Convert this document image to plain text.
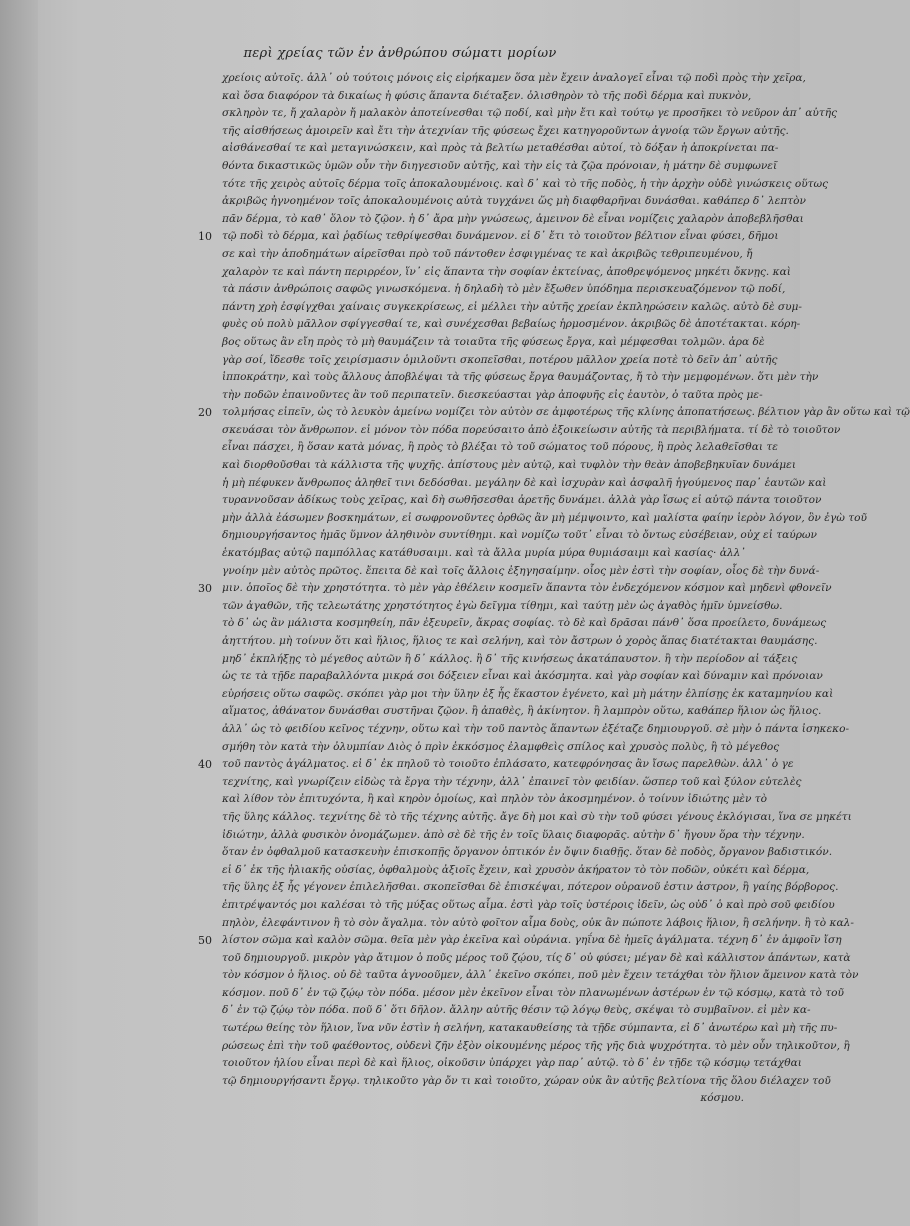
περὶ χρείας τῶν ἐν ἀνθρώπου σώματι μορίων
χρείοις αὐτοῖς. ἀλλ᾽ οὐ τούτοις μόνοις εἰς εἰρήκαμεν ὅσα μὲν ἔχειν ἀναλογεῖ εἶναι τῷ ποδὶ πρὸς τὴν χεῖρα,
καὶ ὅσα διαφόρον τὰ δικαίως ἡ φύσις ἅπαντα διέταξεν. ὀλισθηρὸν τὸ τῆς ποδὶ δέρμα καὶ πυκνὸν,
σκληρὸν τε, ἤ χαλαρὸν ἤ μαλακὸν ἀποτείνεσθαι τῷ ποδί, καὶ μὴν ἔτι καὶ τούτῳ γε προσῆκει τὸ νεῦρον ἀπ᾽ αὐτῆς
τῆς αἰσθήσεως ἀμοιρεῖν καὶ ἔτι τὴν ἀτεχνίαν τῆς φύσεως ἔχει κατηγοροῦντων ἀγνοίᾳ τῶν ἔργων αὐτῆς.
αἰσθάνεσθαί τε καὶ μεταγινώσκειν, καὶ πρὸς τὰ βελτίω μεταθέσθαι αὐτοί, τὸ δόξαν ἡ ἀποκρίνεται πα-
θόντα δικαστικῶς ὑμῶν οὖν τὴν διηγεσιοῦν αὐτῆς, καὶ τὴν εἰς τὰ ζῷα πρόνοιαν, ἡ μάτην δὲ συμφωνεῖ
τότε τῆς χειρὸς αὐτοῖς δέρμα τοῖς ἀποκαλουμένοις. καὶ δ᾽ καὶ τὸ τῆς ποδὸς, ἡ τὴν ἀρχὴν οὐδὲ γινώσκεις οὕτως
ἀκριβῶς ἠγνοημένον τοῖς ἀποκαλουμένοις αὐτὰ τυγχάνει ὥς μὴ διαφθαρῆναι δυνάσθαι. καθάπερ δ᾽ λεπτὸν
πᾶν δέρμα, τὸ καθ᾽ ὅλον τὸ ζῷον. ἡ δ᾽ ἄρα μὴν γνώσεως, ἀμεινον δὲ εἶναι νομίζεις χαλαρὸν ἀποβεβλῆσθαι
τῷ ποδὶ τὸ δέρμα, καὶ ῥᾳδίως τεθρίψεσθαι δυνάμενον. εἰ δ᾽ ἔτι τὸ τοιοῦτον βέλτιον εἶναι φύσει, δῆμοι
σε καὶ τὴν ἀποδημάτων αἱρεῖσθαι πρὸ τοῦ πάντοθεν ἐσφιγμένας τε καὶ ἀκριβῶς τεθριπευμένου, ἤ
χαλαρὸν τε καὶ πάντη περιρρέον, ἵν᾽ εἰς ἅπαντα τὴν σοφίαν ἐκτείνας, ἀποθρεψόμενος μηκέτι ὄκνῃς. καὶ
τὰ πάσιν ἀνθρώποις σαφῶς γινωσκόμενα. ἡ δηλαδὴ τὸ μὲν ἔξωθεν ὑπόδημα περισκευαζόμενον τῷ ποδί,
πάντη χρὴ ἐσφίγχθαι χαίναις συγκεκρίσεως, εἰ μέλλει τὴν αὐτῆς χρείαν ἐκπληρώσειν καλῶς. αὐτὸ δὲ συμ-
φυὲς οὐ πολὺ μᾶλλον σφίγγεσθαί τε, καὶ συνέχεσθαι βεβαίως ἡρμοσμένον. ἀκριβῶς δὲ ἀποτέτακται. κόρη-
βος οὕτως ἂν εἴη πρὸς τὸ μὴ θαυμάζειν τὰ τοιαῦτα τῆς φύσεως ἔργα, καὶ μέμφεσθαι τολμῶν. ἀρα δὲ
γὰρ σοί, ἴδεσθε τοῖς χειρίσμασιν ὁμιλοῦντι σκοπεῖσθαι, ποτέρου μᾶλλον χρεία ποτὲ τὸ δεῖν ἀπ᾽ αὐτῆς
ἱπποκράτην, καὶ τοὺς ἄλλους ἀποβλέψαι τὰ τῆς φύσεως ἔργα θαυμάζοντας, ἤ τὸ τὴν μεμφομένων. ὅτι μὲν τὴν
τὴν ποδῶν ἐπαινοῦντες ἂν τοῦ περιπατεῖν. διεσκεύασται γὰρ ἀποφυῆς εἰς ἑαυτὸν, ὁ ταῦτα πρὸς με-
τολμήσας εἰπεῖν, ὡς τὸ λευκὸν ἀμείνω νομίζει τὸν αὐτὸν σε ἀμφοτέρως τῆς κλίνης ἀποπατήσεως. βέλτιον γὰρ ἂν οὕτω καὶ τῷ
σκευάσαι τὸν ἄνθρωπον. εἰ μόνον τὸν πόδα πορεύσαιτο ἀπὸ ἐξοικείωσιν αὐτῆς τὰ περιβλήματα. τί δὲ τὸ τοιοῦτον
εἶναι πάσχει, ἢ ὅσαν κατὰ μόνας, ἢ πρὸς τὸ βλέξαι τὸ τοῦ σώματος τοῦ πόρους, ἢ πρὸς λελαθεῖσθαι τε
καὶ διορθοῦσθαι τὰ κάλλιστα τῆς ψυχῆς. ἀπίστους μὲν αὐτῷ, καὶ τυφλὸν τὴν θεὰν ἀποβεβηκυῖαν δυνάμει
ἡ μὴ πέφυκεν ἄνθρωπος ἀληθεῖ τινι δεδόσθαι. μεγάλην δὲ καὶ ἰσχυρὰν καὶ ἀσφαλῆ ἡγούμενος παρ᾽ ἑαυτῶν καὶ
τυραννοῦσαν ἀδίκως τοὺς χεῖρας, καὶ δὴ σωθῆσεσθαι ἀρετῆς δυνάμει. ἀλλὰ γὰρ ἴσως εἰ αὐτῷ πάντα τοιοῦτον
μὴν ἀλλὰ ἐάσωμεν βοσκημάτων, εἰ σωφρονοῦντες ὀρθῶς ἂν μὴ μέμψοιντο, καὶ μαλίστα φαίην ἱερὸν λόγον, ὃν ἐγὼ τοῦ
δημιουργήσαντος ἡμᾶς ὕμνον ἀληθινὸν συντίθημι. καὶ νομίζω τοῦτ᾽ εἶναι τὸ ὄντως εὐσέβειαν, οὐχ εἰ ταύρων
ἑκατόμβας αὐτῷ παμπόλλας κατάθυσαιμι. καὶ τὰ ἄλλα μυρία μύρα θυμιάσαιμι καὶ κασίας· ἀλλ᾽
γνοίην μὲν αὐτὸς πρῶτος. ἔπειτα δὲ καὶ τοῖς ἄλλοις ἐξηγησαίμην. οἷος μὲν ἐστὶ τὴν σοφίαν, οἷος δὲ τὴν δυνά-
μιν. ὁποῖος δὲ τὴν χρηστότητα. τὸ μὲν γὰρ ἐθέλειν κοσμεῖν ἅπαντα τὸν ἐνδεχόμενον κόσμον καὶ μηδενὶ φθονεῖν
τῶν ἀγαθῶν, τῆς τελεωτάτης χρηστότητος ἐγὼ δεῖγμα τίθημι, καὶ ταύτῃ μὲν ὡς ἀγαθὸς ἡμῖν ὑμνείσθω.
τὸ δ᾽ ὡς ἂν μάλιστα κοσμηθείη, πᾶν ἐξευρεῖν, ἄκρας σοφίας. τὸ δὲ καὶ δρᾶσαι πάνθ᾽ ὅσα προείλετο, δυνάμεως
ἀηττήτου. μὴ τοίνυν ὅτι καὶ ἥλιος, ἥλιος τε καὶ σελήνη, καὶ τὸν ἄστρων ὁ χορὸς ἅπας διατέτακται θαυμάσης.
μηδ᾽ ἐκπλήξῃς τὸ μέγεθος αὐτῶν ἢ δ᾽ κάλλος. ἢ δ᾽ τῆς κινήσεως ἀκατάπαυστον. ἢ τὴν περίοδον αἱ τάξεις
ὡς τε τὰ τῇδε παραβαλλόντα μικρά σοι δόξειεν εἶναι καὶ ἀκόσμητα. καὶ γὰρ σοφίαν καὶ δύναμιν καὶ πρόνοιαν
εὑρήσεις οὕτω σαφῶς. σκόπει γὰρ μοι τὴν ὕλην ἐξ ἧς ἕκαστον ἐγένετο, καὶ μὴ μάτην ἐλπίσῃς ἐκ καταμηνίου καὶ
αἵματος, ἀθάνατον δυνάσθαι συστῆναι ζῷον. ἢ ἀπαθὲς, ἢ ἀκίνητον. ἢ λαμπρὸν οὕτω, καθάπερ ἥλιον ὡς ἥλιος.
ἀλλ᾽ ὡς τὸ φειδίου κεῖνος τέχνην, οὕτω καὶ τὴν τοῦ παντὸς ἅπαντων ἐξέταζε δημιουργοῦ. σὲ μὴν ὁ πάντα ἰσηκεκο-
σμήθη τὸν κατὰ τὴν ὀλυμπίαν Διὸς ὁ πρὶν ἐκκόσμος ἐλαμφθεὶς σπίλος καὶ χρυσὸς πολὺς, ἢ τὸ μέγεθος
τοῦ παντὸς ἀγάλματος. εἰ δ᾽ ἐκ πηλοῦ τὸ τοιοῦτο ἐπλάσατο, κατεφρόνησας ἂν ἴσως παρελθὼν. ἀλλ᾽ ὁ γε
τεχνίτης, καὶ γνωρίζειν εἰδὼς τὰ ἔργα τὴν τέχνην, ἀλλ᾽ ἐπαινεῖ τὸν φειδίαν. ὥσπερ τοῦ καὶ ξύλον εὐτελὲς
καὶ λίθον τὸν ἐπιτυχόντα, ἢ καὶ κηρὸν ὁμοίως, καὶ πηλὸν τὸν ἀκοσμημένον. ὁ τοίνυν ἰδιώτης μὲν τὸ
τῆς ὕλης κάλλος. τεχνίτης δὲ τὸ τῆς τέχνης αὐτῆς. ἄγε δὴ μοι καὶ σὺ τὴν τοῦ φύσει γένους ἐκλόγισαι, ἵνα σε μηκέτι
ἰδιώτην, ἀλλὰ φυσικὸν ὀνομάζωμεν. ἀπὸ σὲ δὲ τῆς ἐν τοῖς ὕλαις διαφορᾶς. αὐτὴν δ᾽ ἤγουν ὅρα τὴν τέχνην.
ὅταν ἐν ὀφθαλμοῦ κατασκευὴν ἐπισκοπῇς ὄργανον ὀπτικόν ἐν ὄψιν διαθῇς. ὅταν δὲ ποδὸς, ὄργανον βαδιστικόν.
εἰ δ᾽ ἐκ τῆς ἡλιακῆς οὐσίας, ὀφθαλμοὺς ἀξιοῖς ἔχειν, καὶ χρυσὸν ἀκήρατον τὸ τὸν ποδῶν, οὐκέτι καὶ δέρμα,
τῆς ὕλης ἐξ ἧς γέγονεν ἐπιλελῆσθαι. σκοπεῖσθαι δὲ ἐπισκέψαι, πότερον οὐρανοῦ ἐστιν ἀστρον, ἢ γαίης βόρβορος.
ἐπιτρέψαντός μοι καλέσαι τὸ τῆς μύξας οὕτως αἷμα. ἐστὶ γὰρ τοῖς ὑστέροις ἰδεῖν, ὡς οὐδ᾽ ὁ καὶ πρὸ σοῦ φειδίου
πηλὸν, ἐλεφάντινον ἢ τὸ σὸν ἄγαλμα. τὸν αὐτὸ φοῖτον αἷμα δοὺς, οὐκ ἂν πώποτε λάβοις ἥλιον, ἢ σελήνην. ἢ τὸ καλ-
λίστον σῶμα καὶ καλὸν σῶμα. θεῖα μὲν γὰρ ἐκεῖνα καὶ οὐράνια. γηΐνα δὲ ἡμεῖς ἀγάλματα. τέχνη δ᾽ ἐν ἀμφοῖν ἴση
τοῦ δημιουργοῦ. μικρὸν γὰρ ἄτιμον ὁ ποῦς μέρος τοῦ ζῴου, τίς δ᾽ οὐ φύσει; μέγαν δὲ καὶ κάλλιστον ἁπάντων, κατὰ
τὸν κόσμον ὁ ἥλιος. οὐ δὲ ταῦτα ἀγνοοῦμεν, ἀλλ᾽ ἐκεῖνο σκόπει, ποῦ μὲν ἔχειν τετάχθαι τὸν ἥλιον ἄμεινον κατὰ τὸν
κόσμον. ποῦ δ᾽ ἐν τῷ ζῴῳ τὸν πόδα. μέσον μὲν ἐκεῖνον εἶναι τὸν πλανωμένων ἀστέρων ἐν τῷ κόσμῳ, κατὰ τὸ τοῦ
δ᾽ ἐν τῷ ζῴῳ τὸν πόδα. ποῦ δ᾽ ὅτι δῆλον. ἄλλην αὐτῆς θέσιν τῷ λόγῳ θεὺς, σκέψαι τὸ συμβαῖνον. εἰ μὲν κα-
τωτέρω θείης τὸν ἥλιον, ἵνα νῦν ἐστὶν ἡ σελήνη, κατακαυθείσης τὰ τῇδε σύμπαντα, εἰ δ᾽ ἀνωτέρω καὶ μὴ τῆς πυ-
ρώσεως ἐπὶ τὴν τοῦ φαέθοντος, οὐδενὶ ζῆν ἐξὸν οἰκουμένης μέρος τῆς γῆς διὰ ψυχρότητα. τὸ μὲν οὖν τηλικοῦτον, ἢ
τοιοῦτον ἠλίου εἶναι περὶ δὲ καὶ ἥλιος, οἰκοῦσιν ὑπάρχει γὰρ παρ᾽ αὐτῷ. τὸ δ᾽ ἐν τῇδε τῷ κόσμῳ τετάχθαι
τῷ δημιουργήσαντι ἔργῳ. τηλικοῦτο γὰρ ὄν τι καὶ τοιοῦτο, χώραν οὐκ ἂν αὐτῆς βελτίονα τῆς ὅλου διέλαχεν τοῦ
κόσμου.
10
20
30
40
50
